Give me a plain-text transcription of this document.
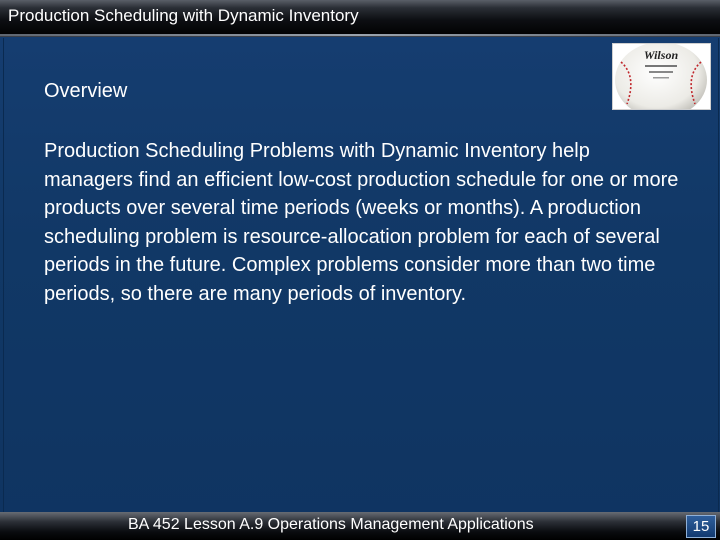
Production Scheduling with Dynamic Inventory
Wilson
Overview

Production Scheduling Problems with Dynamic Inventory help managers find an efficient low-cost production schedule for one or more products over several time periods (weeks or months). A production scheduling problem is resource-allocation problem for each of several periods in the future. Complex problems consider more than two time periods, so there are many periods of inventory.

BA 452 Lesson A.9 Operations Management Applications	15
